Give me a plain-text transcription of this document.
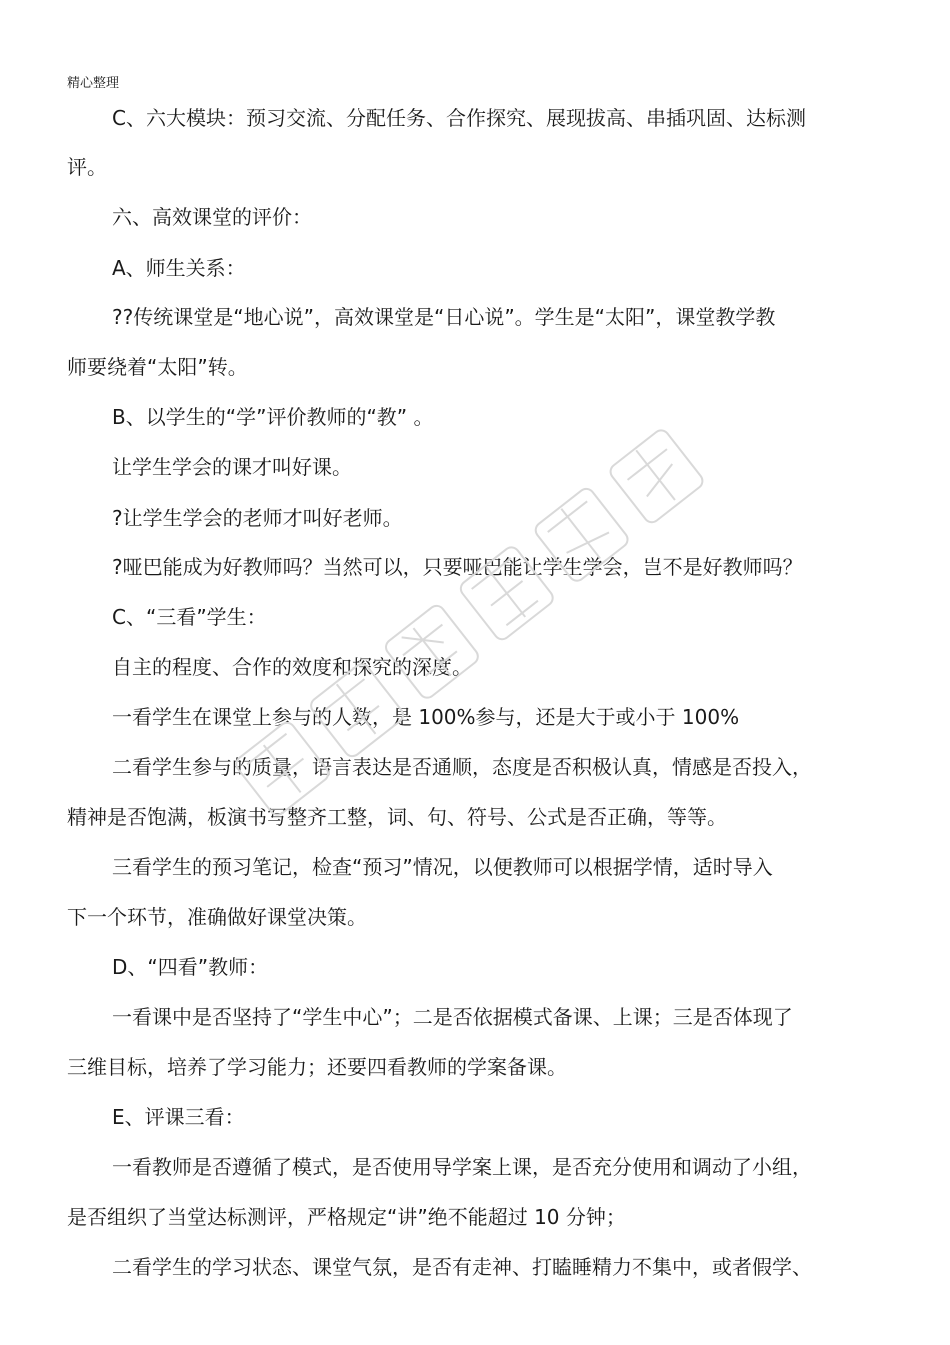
精心整理
C、六大模块：预习交流、分配任务、合作探究、展现拔高、串插巩固、达标测
评。
六、高效课堂的评价：
A、师生关系：
??传统课堂是“地心说”，高效课堂是“日心说”。学生是“太阳”，课堂教学教
师要绕着“太阳”转。
B、以学生的“学”评价教师的“教” 。
让学生学会的课才叫好课。
?让学生学会的老师才叫好老师。
?哑巴能成为好教师吗？当然可以，只要哑巴能让学生学会，岂不是好教师吗？
C、“三看”学生：
自主的程度、合作的效度和探究的深度。
一看学生在课堂上参与的人数，是 100%参与，还是大于或小于 100%
二看学生参与的质量，语言表达是否通顺，态度是否积极认真，情感是否投入，
精神是否饱满，板演书写整齐工整，词、句、符号、公式是否正确，等等。
三看学生的预习笔记，检查“预习”情况，以便教师可以根据学情，适时导入
下一个环节，准确做好课堂决策。
D、“四看”教师：
一看课中是否坚持了“学生中心”；二是否依据模式备课、上课；三是否体现了
三维目标，培养了学习能力；还要四看教师的学案备课。
E、评课三看：
一看教师是否遵循了模式，是否使用导学案上课，是否充分使用和调动了小组，
是否组织了当堂达标测评，严格规定“讲”绝不能超过 10 分钟；
二看学生的学习状态、课堂气氛，是否有走神、打瞌睡精力不集中，或者假学、
